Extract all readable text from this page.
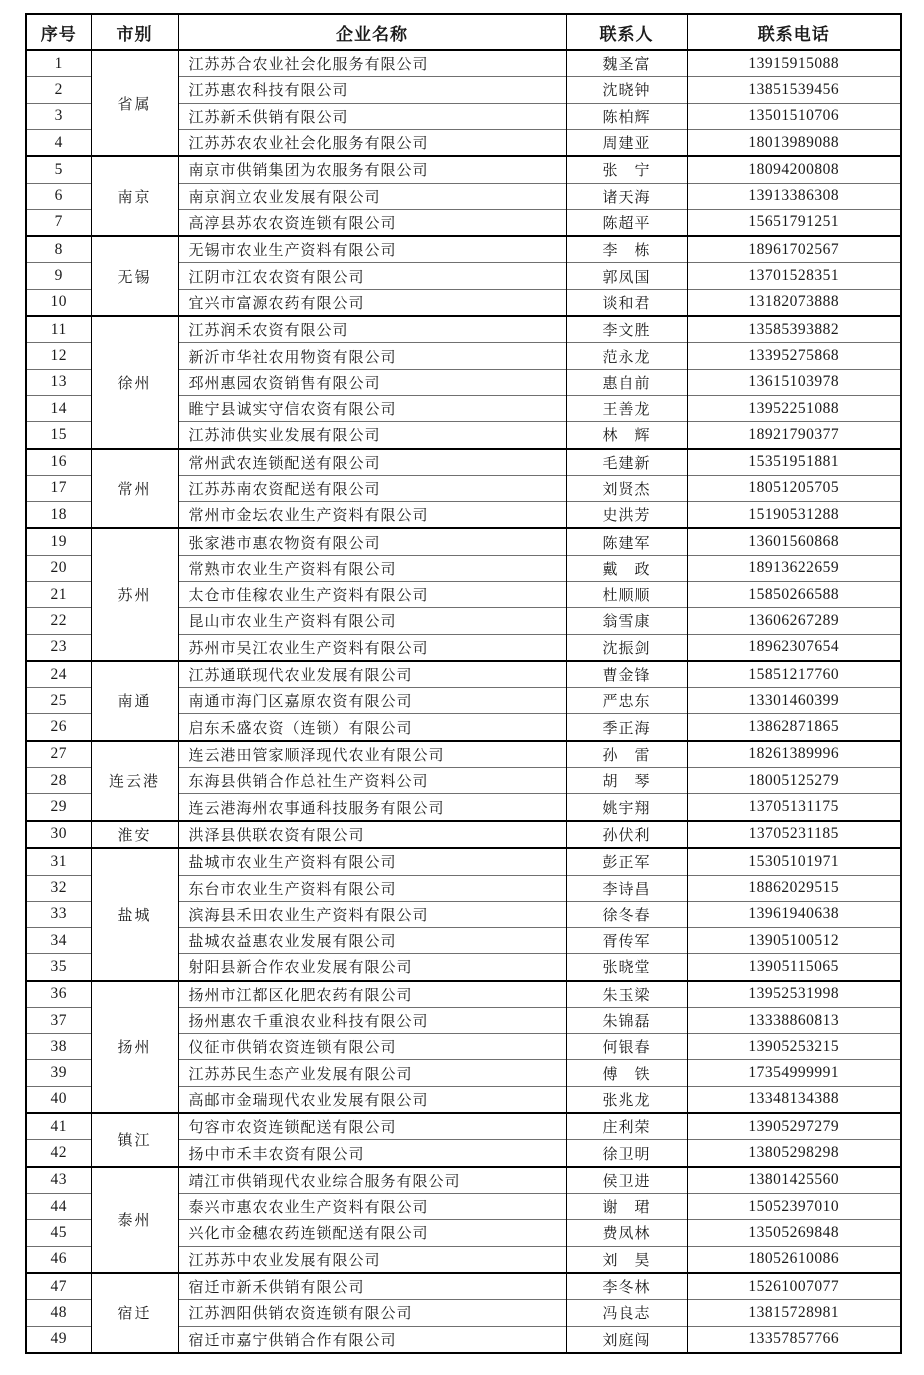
序号	市别	企业名称	联系人	联系电话
1	省属	江苏苏合农业社会化服务有限公司	魏圣富	13915915088
2		江苏惠农科技有限公司	沈晓钟	13851539456
3		江苏新禾供销有限公司	陈柏辉	13501510706
4		江苏苏农农业社会化服务有限公司	周建亚	18013989088
5	南京	南京市供销集团为农服务有限公司	张　宁	18094200808
6		南京润立农业发展有限公司	诸天海	13913386308
7		高淳县苏农农资连锁有限公司	陈超平	15651791251
8	无锡	无锡市农业生产资料有限公司	李　栋	18961702567
9		江阴市江农农资有限公司	郭凤国	13701528351
10		宜兴市富源农药有限公司	谈和君	13182073888
11	徐州	江苏润禾农资有限公司	李文胜	13585393882
12		新沂市华社农用物资有限公司	范永龙	13395275868
13		邳州惠园农资销售有限公司	惠自前	13615103978
14		睢宁县诚实守信农资有限公司	王善龙	13952251088
15		江苏沛供实业发展有限公司	林　辉	18921790377
16	常州	常州武农连锁配送有限公司	毛建新	15351951881
17		江苏苏南农资配送有限公司	刘贤杰	18051205705
18		常州市金坛农业生产资料有限公司	史洪芳	15190531288
19	苏州	张家港市惠农物资有限公司	陈建军	13601560868
20		常熟市农业生产资料有限公司	戴　政	18913622659
21		太仓市佳稼农业生产资料有限公司	杜顺顺	15850266588
22		昆山市农业生产资料有限公司	翁雪康	13606267289
23		苏州市吴江农业生产资料有限公司	沈振剑	18962307654
24	南通	江苏通联现代农业发展有限公司	曹金锋	15851217760
25		南通市海门区嘉原农资有限公司	严忠东	13301460399
26		启东禾盛农资（连锁）有限公司	季正海	13862871865
27	连云港	连云港田管家顺泽现代农业有限公司	孙　雷	18261389996
28		东海县供销合作总社生产资料公司	胡　琴	18005125279
29		连云港海州农事通科技服务有限公司	姚宇翔	13705131175
30	淮安	洪泽县供联农资有限公司	孙伏利	13705231185
31	盐城	盐城市农业生产资料有限公司	彭正军	15305101971
32		东台市农业生产资料有限公司	李诗昌	18862029515
33		滨海县禾田农业生产资料有限公司	徐冬春	13961940638
34		盐城农益惠农业发展有限公司	胥传军	13905100512
35		射阳县新合作农业发展有限公司	张晓堂	13905115065
36	扬州	扬州市江都区化肥农药有限公司	朱玉梁	13952531998
37		扬州惠农千重浪农业科技有限公司	朱锦磊	13338860813
38		仪征市供销农资连锁有限公司	何银春	13905253215
39		江苏苏民生态产业发展有限公司	傅　铁	17354999991
40		高邮市金瑞现代农业发展有限公司	张兆龙	13348134388
41	镇江	句容市农资连锁配送有限公司	庄利荣	13905297279
42		扬中市禾丰农资有限公司	徐卫明	13805298298
43	泰州	靖江市供销现代农业综合服务有限公司	侯卫进	13801425560
44		泰兴市惠农农业生产资料有限公司	谢　珺	15052397010
45		兴化市金穗农药连锁配送有限公司	费凤林	13505269848
46		江苏苏中农业发展有限公司	刘　昊	18052610086
47	宿迁	宿迁市新禾供销有限公司	李冬林	15261007077
48		江苏泗阳供销农资连锁有限公司	冯良志	13815728981
49		宿迁市嘉宁供销合作有限公司	刘庭闯	13357857766
